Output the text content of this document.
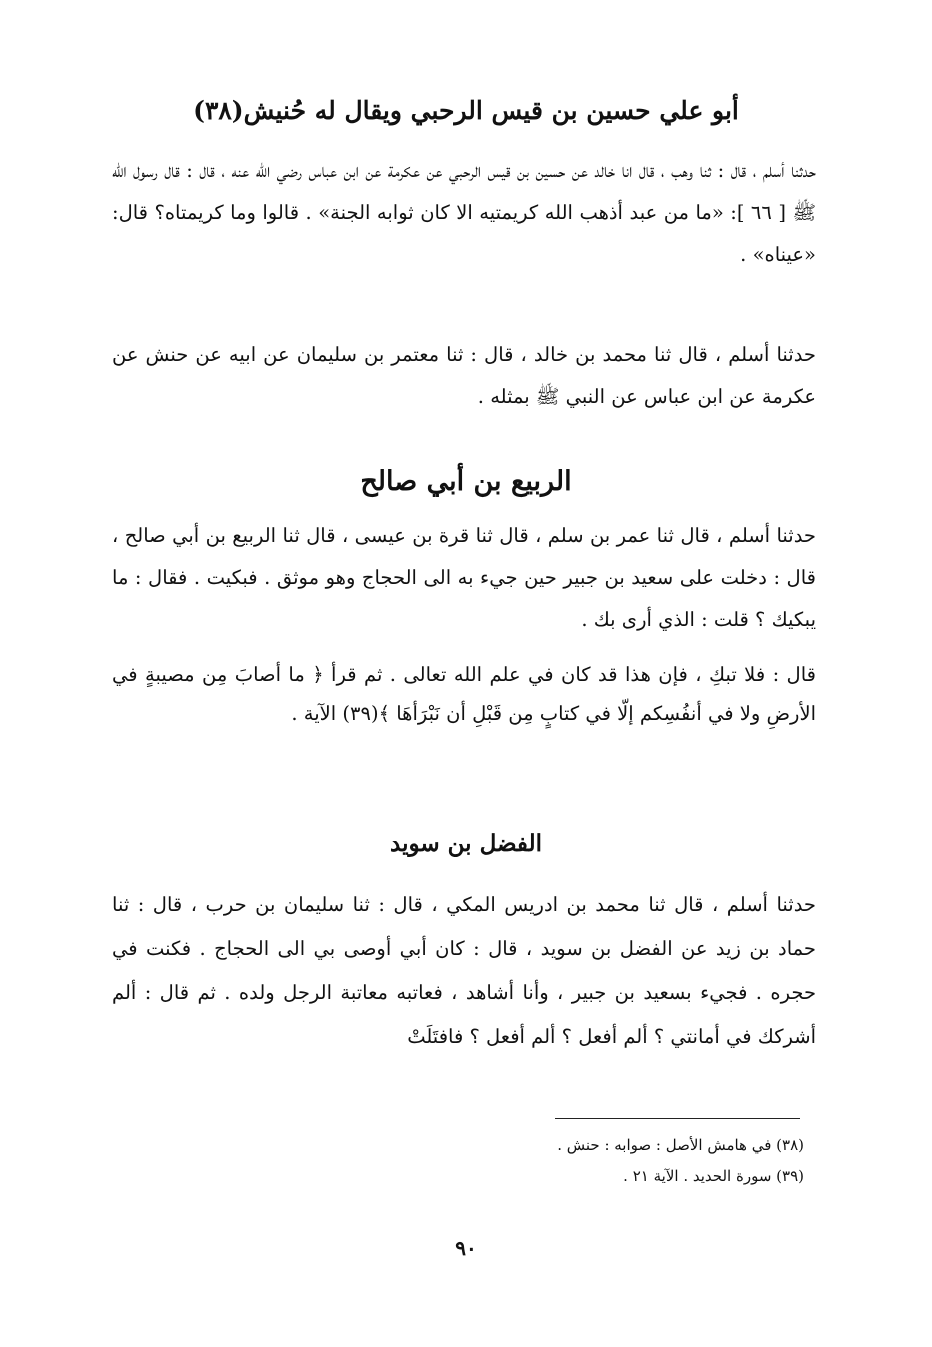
أبو علي حسين بن قيس الرحبي ويقال له حُنيش(٣٨)
حدثنا أسلم ، قال : ثنا وهب ، قال انا خالد عن حسين بن قيس الرحبي عن عكرمة عن ابن عباس رضي الله عنه ، قال : قال رسول الله ﷺ [ ٦٦ ]: «ما من عبد أذهب الله كريمتيه الا كان ثوابه الجنة» . قالوا وما كريمتاه؟ قال: «عيناه» .
حدثنا أسلم ، قال ثنا محمد بن خالد ، قال : ثنا معتمر بن سليمان عن ابيه عن حنش عن عكرمة عن ابن عباس عن النبي ﷺ بمثله .
الربيع بن أبي صالح
حدثنا أسلم ، قال ثنا عمر بن سلم ، قال ثنا قرة بن عيسى ، قال ثنا الربيع بن أبي صالح ، قال : دخلت على سعيد بن جبير حين جيء به الى الحجاج وهو موثق . فبكيت . فقال : ما يبكيك ؟ قلت : الذي أرى بك .
قال : فلا تبكِ ، فإن هذا قد كان في علم الله تعالى . ثم قرأ ﴿ ما أصابَ مِن مصيبةٍ في الأرضِ ولا في أنفُسِكم إلّا في كتابٍ مِن قَبْلِ أن نَبْرَأهَا ﴾(٣٩) الآية .
الفضل بن سويد
حدثنا أسلم ، قال ثنا محمد بن ادريس المكي ، قال : ثنا سليمان بن حرب ، قال : ثنا حماد بن زيد عن الفضل بن سويد ، قال : كان أبي أوصى بي الى الحجاج . فكنت في حجره . فجيء بسعيد بن جبير ، وأنا أشاهد ، فعاتبه معاتبة الرجل ولده . ثم قال : ألم أشركك في أمانتي ؟ ألم أفعل ؟ ألم أفعل ؟ فافتَلَتْ
(٣٨) في هامش الأصل : صوابه : حنش .
(٣٩) سورة الحديد . الآية ٢١ .
٩٠
